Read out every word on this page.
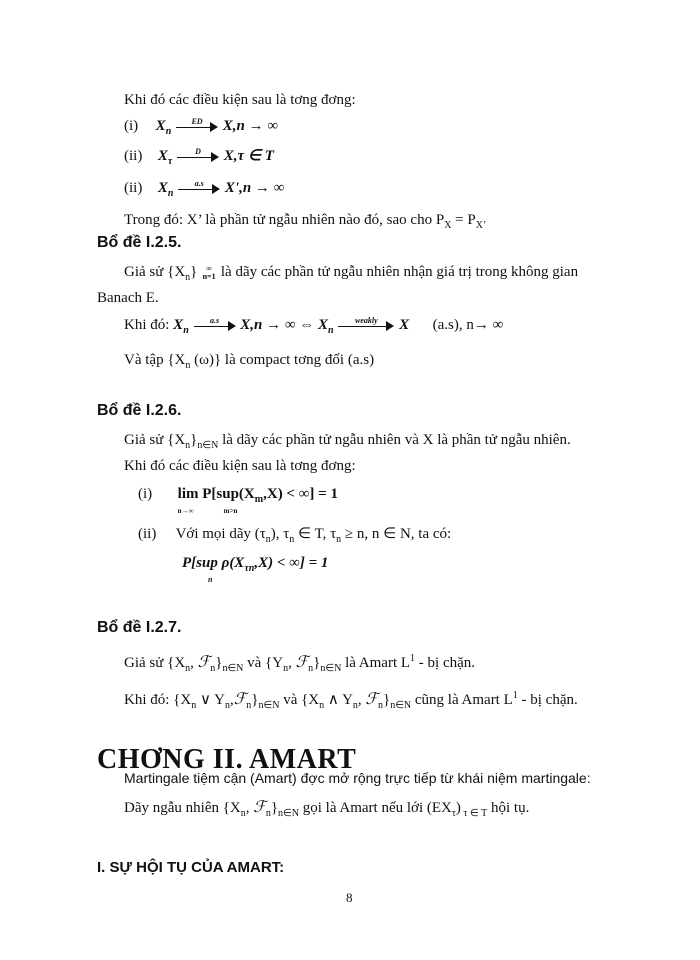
Khi đó các điều kiện sau là tơng đơng:
(i) $X_n$
ED	X,n → ∞
(ii) $X_\tau$
D	X,τ ∈ T
(ii) $X_n$
a.s	X',n → ∞
Trong đó: X’ là phần tử ngẫu nhiên nào đó, sao cho $P_X = P_{X’}$
Bổ đề I.2.5.
Giả sử $\{X_n\}$ ∞ n=1 là dãy các phần tử ngẫu nhiên nhận giá trị trong không gian
Banach E.
Khi đó: $X_n$
a.s	X,n → ∞ ⇔ $X_n$
weakly	X (a.s), n→ ∞
Và tập {$X_n$ (ω)} là compact tơng đối (a.s)
Bổ đề I.2.6.
Giả sử $\{X_n\}_{n\in N}$ là dãy các phần tử ngẫu nhiên và X là phần tử ngẫu nhiên.
Khi đó các điều kiện sau là tơng đơng:
(i) $\lim P[sup(X_m,X)$ < ∞] = 1
n→∞	m>n
(ii) Với mọi dãy $(\tau_n)$, $\tau_n$ ∈ T, $\tau_n \ge n$, n ∈ N, ta có:
P[sup $\rho(X_{\tau n},X)$ < ∞] = 1
n
Bổ đề I.2.7.
Giả sử {$X_n$, $ℱ_n\}_{n\in N}$ và {$Y_n$, $ℱ_n\}_{n\in N}$ là Amart $L^1$ - bị chặn.
Khi đó: {$X_n$ ∨ $Y_n,ℱ_n\}_{n\in N}$ và {$X_n$ ∧ $Y_n$, $ℱ_n\}_{n\in N}$ cũng là Amart $L^1$ - bị chặn.
CHƠNG II. AMART
Martingale tiệm cận (Amart) đợc mở rộng trực tiếp từ khái niệm martingale:
Dãy ngẫu nhiên {$X_n$, $ℱ_n\}_{n\in N}$ gọi là Amart nếu lới $(EX_\tau)$ $_{\tau \in T}$ hội tụ.
I. SỰ HỘI TỤ CỦA AMART:
8
